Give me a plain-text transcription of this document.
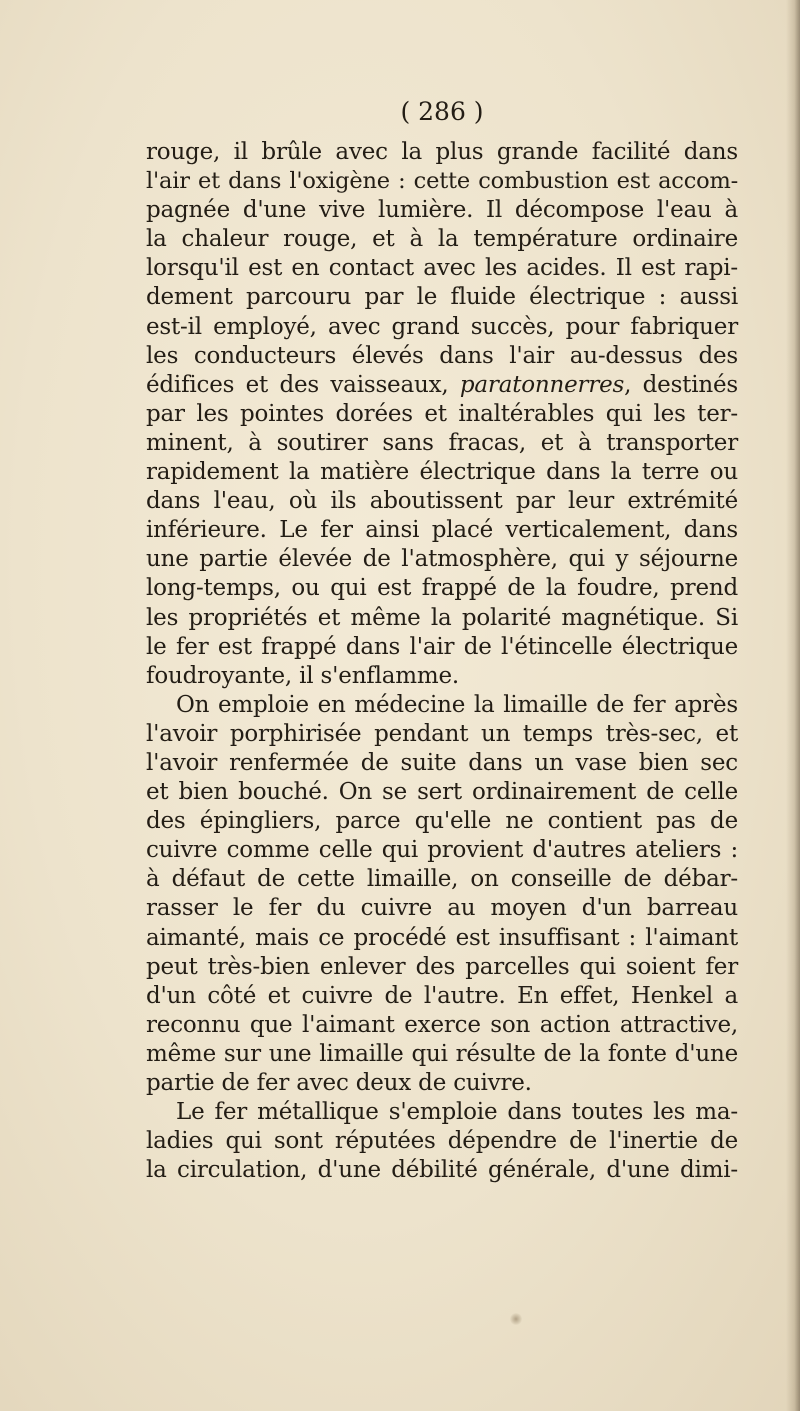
( 286 )
rouge, il brûle avec la plus grande facilité dans
l'air et dans l'oxigène : cette combustion est accom-
pagnée d'une vive lumière. Il décompose l'eau à
la chaleur rouge, et à la température ordinaire
lorsqu'il est en contact avec les acides. Il est rapi-
dement parcouru par le fluide électrique : aussi
est-il employé, avec grand succès, pour fabriquer
les conducteurs élevés dans l'air au-dessus des
édifices et des vaisseaux, paratonnerres, destinés
par les pointes dorées et inaltérables qui les ter-
minent, à soutirer sans fracas, et à transporter
rapidement la matière électrique dans la terre ou
dans l'eau, où ils aboutissent par leur extrémité
inférieure. Le fer ainsi placé verticalement, dans
une partie élevée de l'atmosphère, qui y séjourne
long-temps, ou qui est frappé de la foudre, prend
les propriétés et même la polarité magnétique. Si
le fer est frappé dans l'air de l'étincelle électrique
foudroyante, il s'enflamme.
On emploie en médecine la limaille de fer après
l'avoir porphirisée pendant un temps très-sec, et
l'avoir renfermée de suite dans un vase bien sec
et bien bouché. On se sert ordinairement de celle
des épingliers, parce qu'elle ne contient pas de
cuivre comme celle qui provient d'autres ateliers :
à défaut de cette limaille, on conseille de débar-
rasser le fer du cuivre au moyen d'un barreau
aimanté, mais ce procédé est insuffisant : l'aimant
peut très-bien enlever des parcelles qui soient fer
d'un côté et cuivre de l'autre. En effet, Henkel a
reconnu que l'aimant exerce son action attractive,
même sur une limaille qui résulte de la fonte d'une
partie de fer avec deux de cuivre.
Le fer métallique s'emploie dans toutes les ma-
ladies qui sont réputées dépendre de l'inertie de
la circulation, d'une débilité générale, d'une dimi-
